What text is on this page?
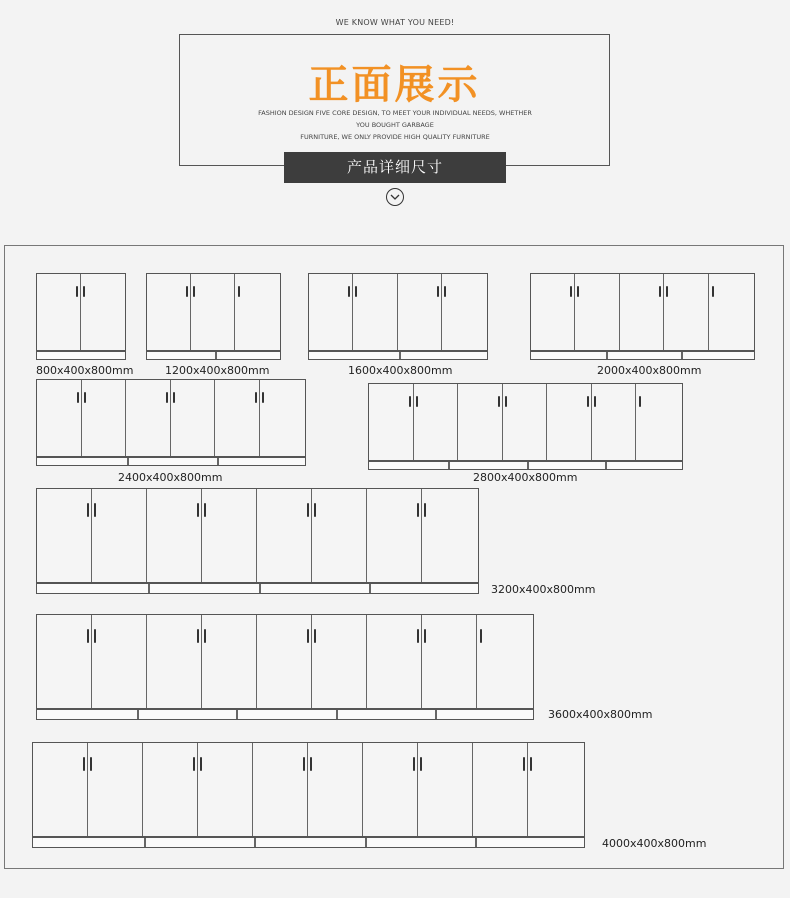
WE KNOW WHAT YOU NEED!
正面展示
FASHION DESIGN FIVE CORE DESIGN, TO MEET YOUR INDIVIDUAL NEEDS, WHETHER
YOU BOUGHT GARBAGE
FURNITURE, WE ONLY PROVIDE HIGH QUALITY FURNITURE
产品详细尺寸
800x400x800mm	1200x400x800mm	1600x400x800mm	2000x400x800mm
2400x400x800mm	2800x400x800mm
3200x400x800mm
3600x400x800mm
4000x400x800mm
